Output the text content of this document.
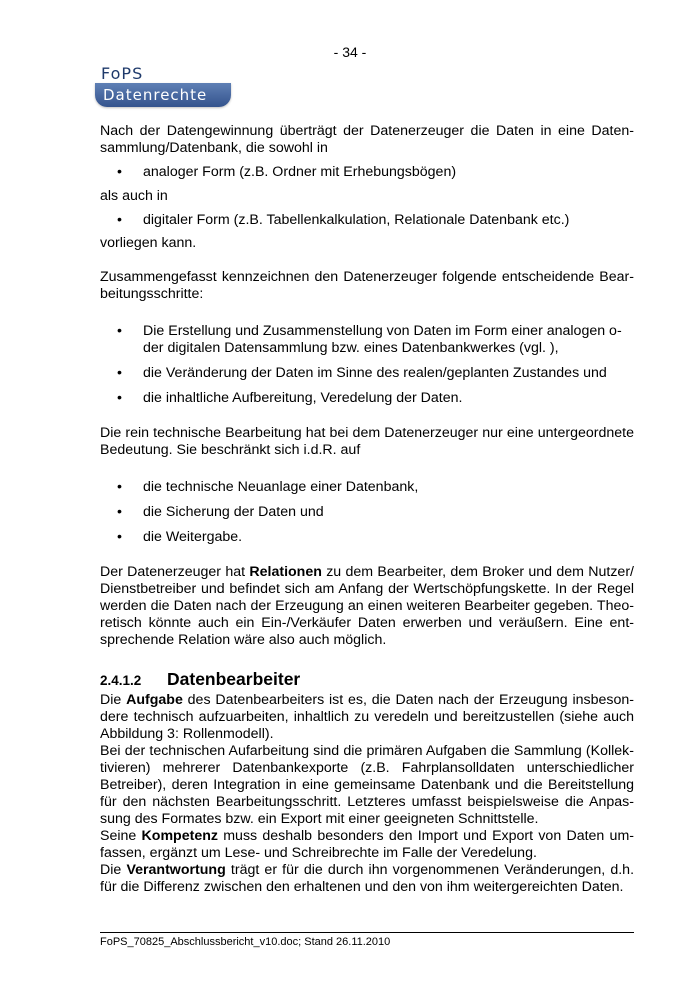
- 34 -
FoPS
Datenrechte

Nach der Datengewinnung überträgt der Datenerzeuger die Daten in eine Daten-sammlung/Datenbank, die sowohl in

• analoger Form (z.B. Ordner mit Erhebungsbögen)

als auch in

• digitaler Form (z.B. Tabellenkalkulation, Relationale Datenbank etc.)

vorliegen kann.

Zusammengefasst kennzeichnen den Datenerzeuger folgende entscheidende Bear-beitungsschritte:

• Die Erstellung und Zusammenstellung von Daten im Form einer analogen o-der digitalen Datensammlung bzw. eines Datenbankwerkes (vgl. ),
• die Veränderung der Daten im Sinne des realen/geplanten Zustandes und
• die inhaltliche Aufbereitung, Veredelung der Daten.

Die rein technische Bearbeitung hat bei dem Datenerzeuger nur eine untergeordnete Bedeutung. Sie beschränkt sich i.d.R. auf

• die technische Neuanlage einer Datenbank,
• die Sicherung der Daten und
• die Weitergabe.

Der Datenerzeuger hat Relationen zu dem Bearbeiter, dem Broker und dem Nutzer/ Dienstbetreiber und befindet sich am Anfang der Wertschöpfungskette. In der Regel werden die Daten nach der Erzeugung an einen weiteren Bearbeiter gegeben. Theo-retisch könnte auch ein Ein-/Verkäufer Daten erwerben und veräußern. Eine ent-sprechende Relation wäre also auch möglich.

2.4.1.2	Datenbearbeiter

Die Aufgabe des Datenbearbeiters ist es, die Daten nach der Erzeugung insbeson-dere technisch aufzuarbeiten, inhaltlich zu veredeln und bereitzustellen (siehe auch Abbildung 3: Rollenmodell).

Bei der technischen Aufarbeitung sind die primären Aufgaben die Sammlung (Kollek-tivieren) mehrerer Datenbankexporte (z.B. Fahrplansolldaten unterschiedlicher Betreiber), deren Integration in eine gemeinsame Datenbank und die Bereitstellung für den nächsten Bearbeitungsschritt. Letzteres umfasst beispielsweise die Anpas-sung des Formates bzw. ein Export mit einer geeigneten Schnittstelle.

Seine Kompetenz muss deshalb besonders den Import und Export von Daten um-fassen, ergänzt um Lese- und Schreibrechte im Falle der Veredelung.

Die Verantwortung trägt er für die durch ihn vorgenommenen Veränderungen, d.h. für die Differenz zwischen den erhaltenen und den von ihm weitergereichten Daten.

FoPS_70825_Abschlussbericht_v10.doc; Stand 26.11.2010
